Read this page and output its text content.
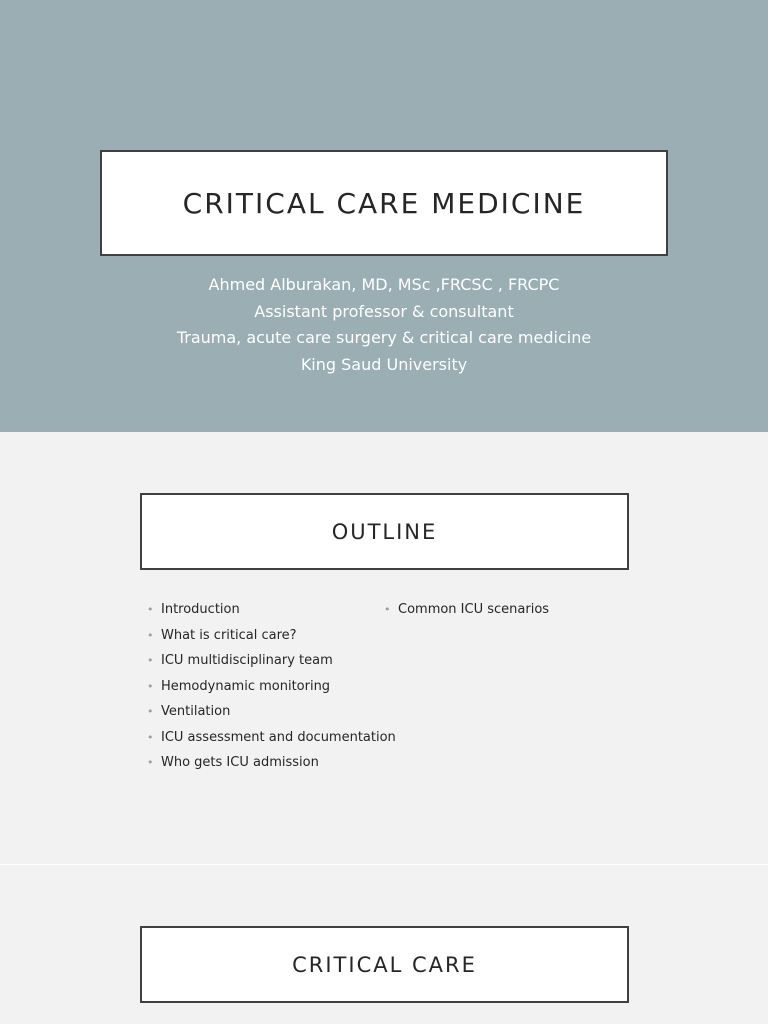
CRITICAL CARE MEDICINE
Ahmed Alburakan, MD, MSc ,FRCSC , FRCPC
Assistant professor & consultant
Trauma, acute care surgery & critical care medicine
King Saud University
OUTLINE
• Introduction
• What is critical care?
• ICU multidisciplinary team
• Hemodynamic monitoring
• Ventilation
• ICU assessment and documentation
• Who gets ICU admission
• Common ICU scenarios
CRITICAL CARE
